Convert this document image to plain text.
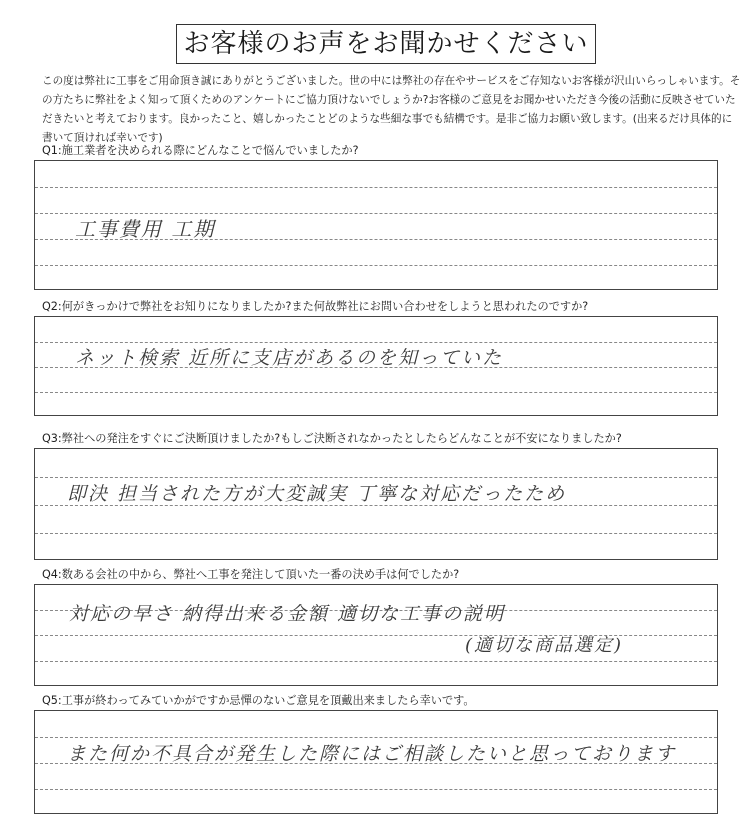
お客様のお声をお聞かせください
この度は弊社に工事をご用命頂き誠にありがとうございました。世の中には弊社の存在やサービスをご存知ないお客様が沢山いらっしゃいます。その方たちに弊社をよく知って頂くためのアンケートにご協力頂けないでしょうか?お客様のご意見をお聞かせいただき今後の活動に反映させていただきたいと考えております。良かったこと、嬉しかったことどのような些細な事でも結構です。是非ご協力お願い致します。(出来るだけ具体的に書いて頂ければ幸いです)
Q1:施工業者を決められる際にどんなことで悩んでいましたか?
工事費用 工期
Q2:何がきっかけで弊社をお知りになりましたか?また何故弊社にお問い合わせをしようと思われたのですか?
ネット検索 近所に支店があるのを知っていた
Q3:弊社への発注をすぐにご決断頂けましたか?もしご決断されなかったとしたらどんなことが不安になりましたか?
即決 担当された方が大変誠実 丁寧な対応だったため
Q4:数ある会社の中から、弊社へ工事を発注して頂いた一番の決め手は何でしたか?
対応の早さ 納得出来る金額 適切な工事の説明
(適切な商品選定)
Q5:工事が終わってみていかがですか忌憚のないご意見を頂戴出来ましたら幸いです。
また何か不具合が発生した際にはご相談したいと思っております
